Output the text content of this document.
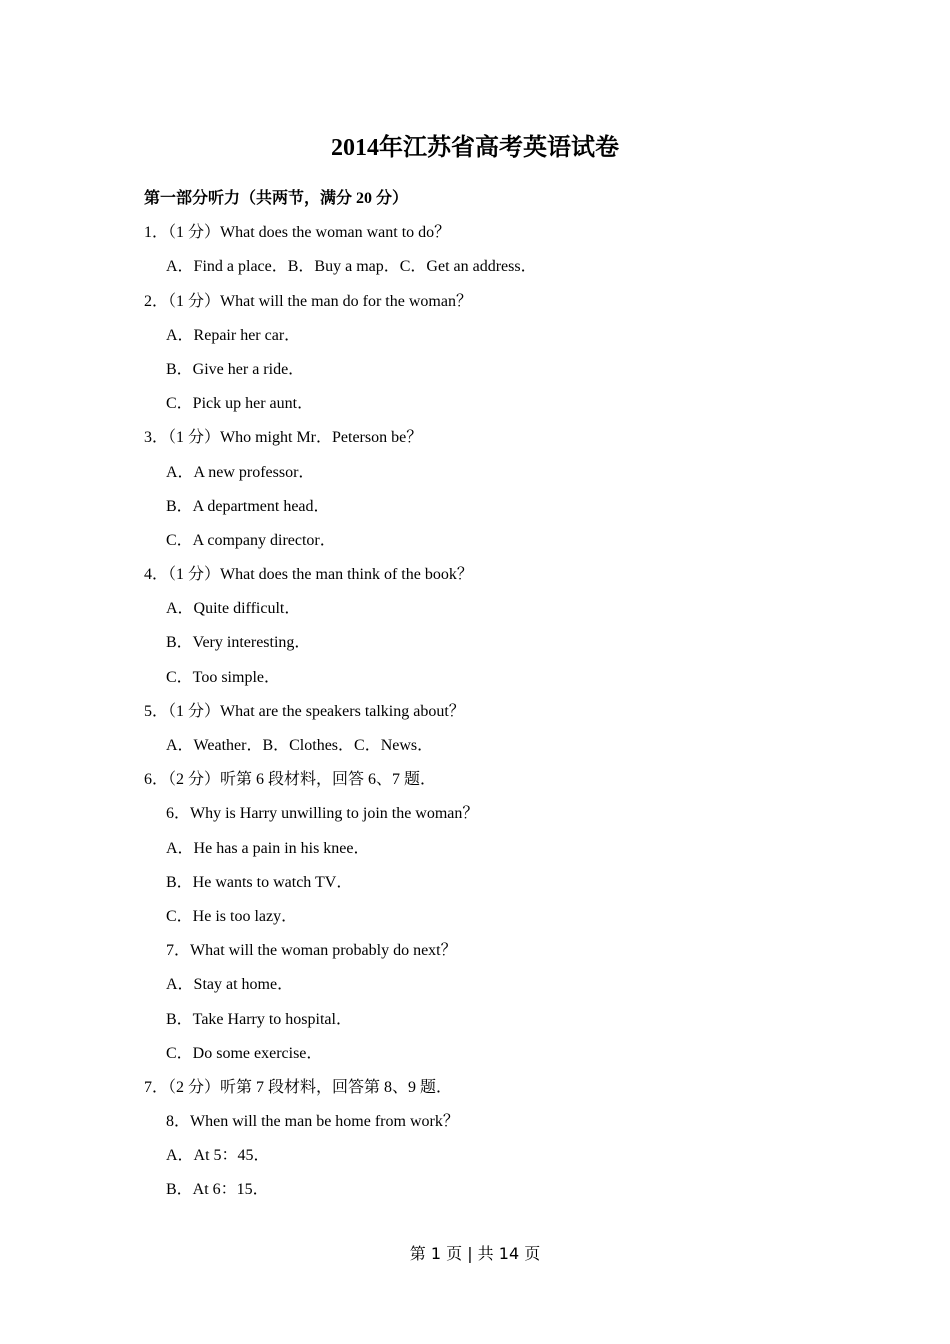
2014年江苏省高考英语试卷
第一部分听力（共两节，满分 20 分）
1．（1 分）What does the woman want to do？
A．Find a place．B．Buy a map．C．Get an address．
2．（1 分）What will the man do for the woman？
A．Repair her car．
B．Give her a ride．
C．Pick up her aunt．
3．（1 分）Who might Mr．Peterson be？
A．A new professor．
B．A department head．
C．A company director．
4．（1 分）What does the man think of the book？
A．Quite difficult．
B．Very interesting．
C．Too simple．
5．（1 分）What are the speakers talking about？
A．Weather．B．Clothes．C．News．
6．（2 分）听第 6 段材料，回答 6、7 题．
6．Why is Harry unwilling to join the woman？
A．He has a pain in his knee．
B．He wants to watch TV．
C．He is too lazy．
7．What will the woman probably do next？
A．Stay at home．
B．Take Harry to hospital．
C．Do some exercise．
7．（2 分）听第 7 段材料，回答第 8、9 题．
8．When will the man be home from work？
A．At 5：45．
B．At 6：15．
第 1 页 | 共 14 页
